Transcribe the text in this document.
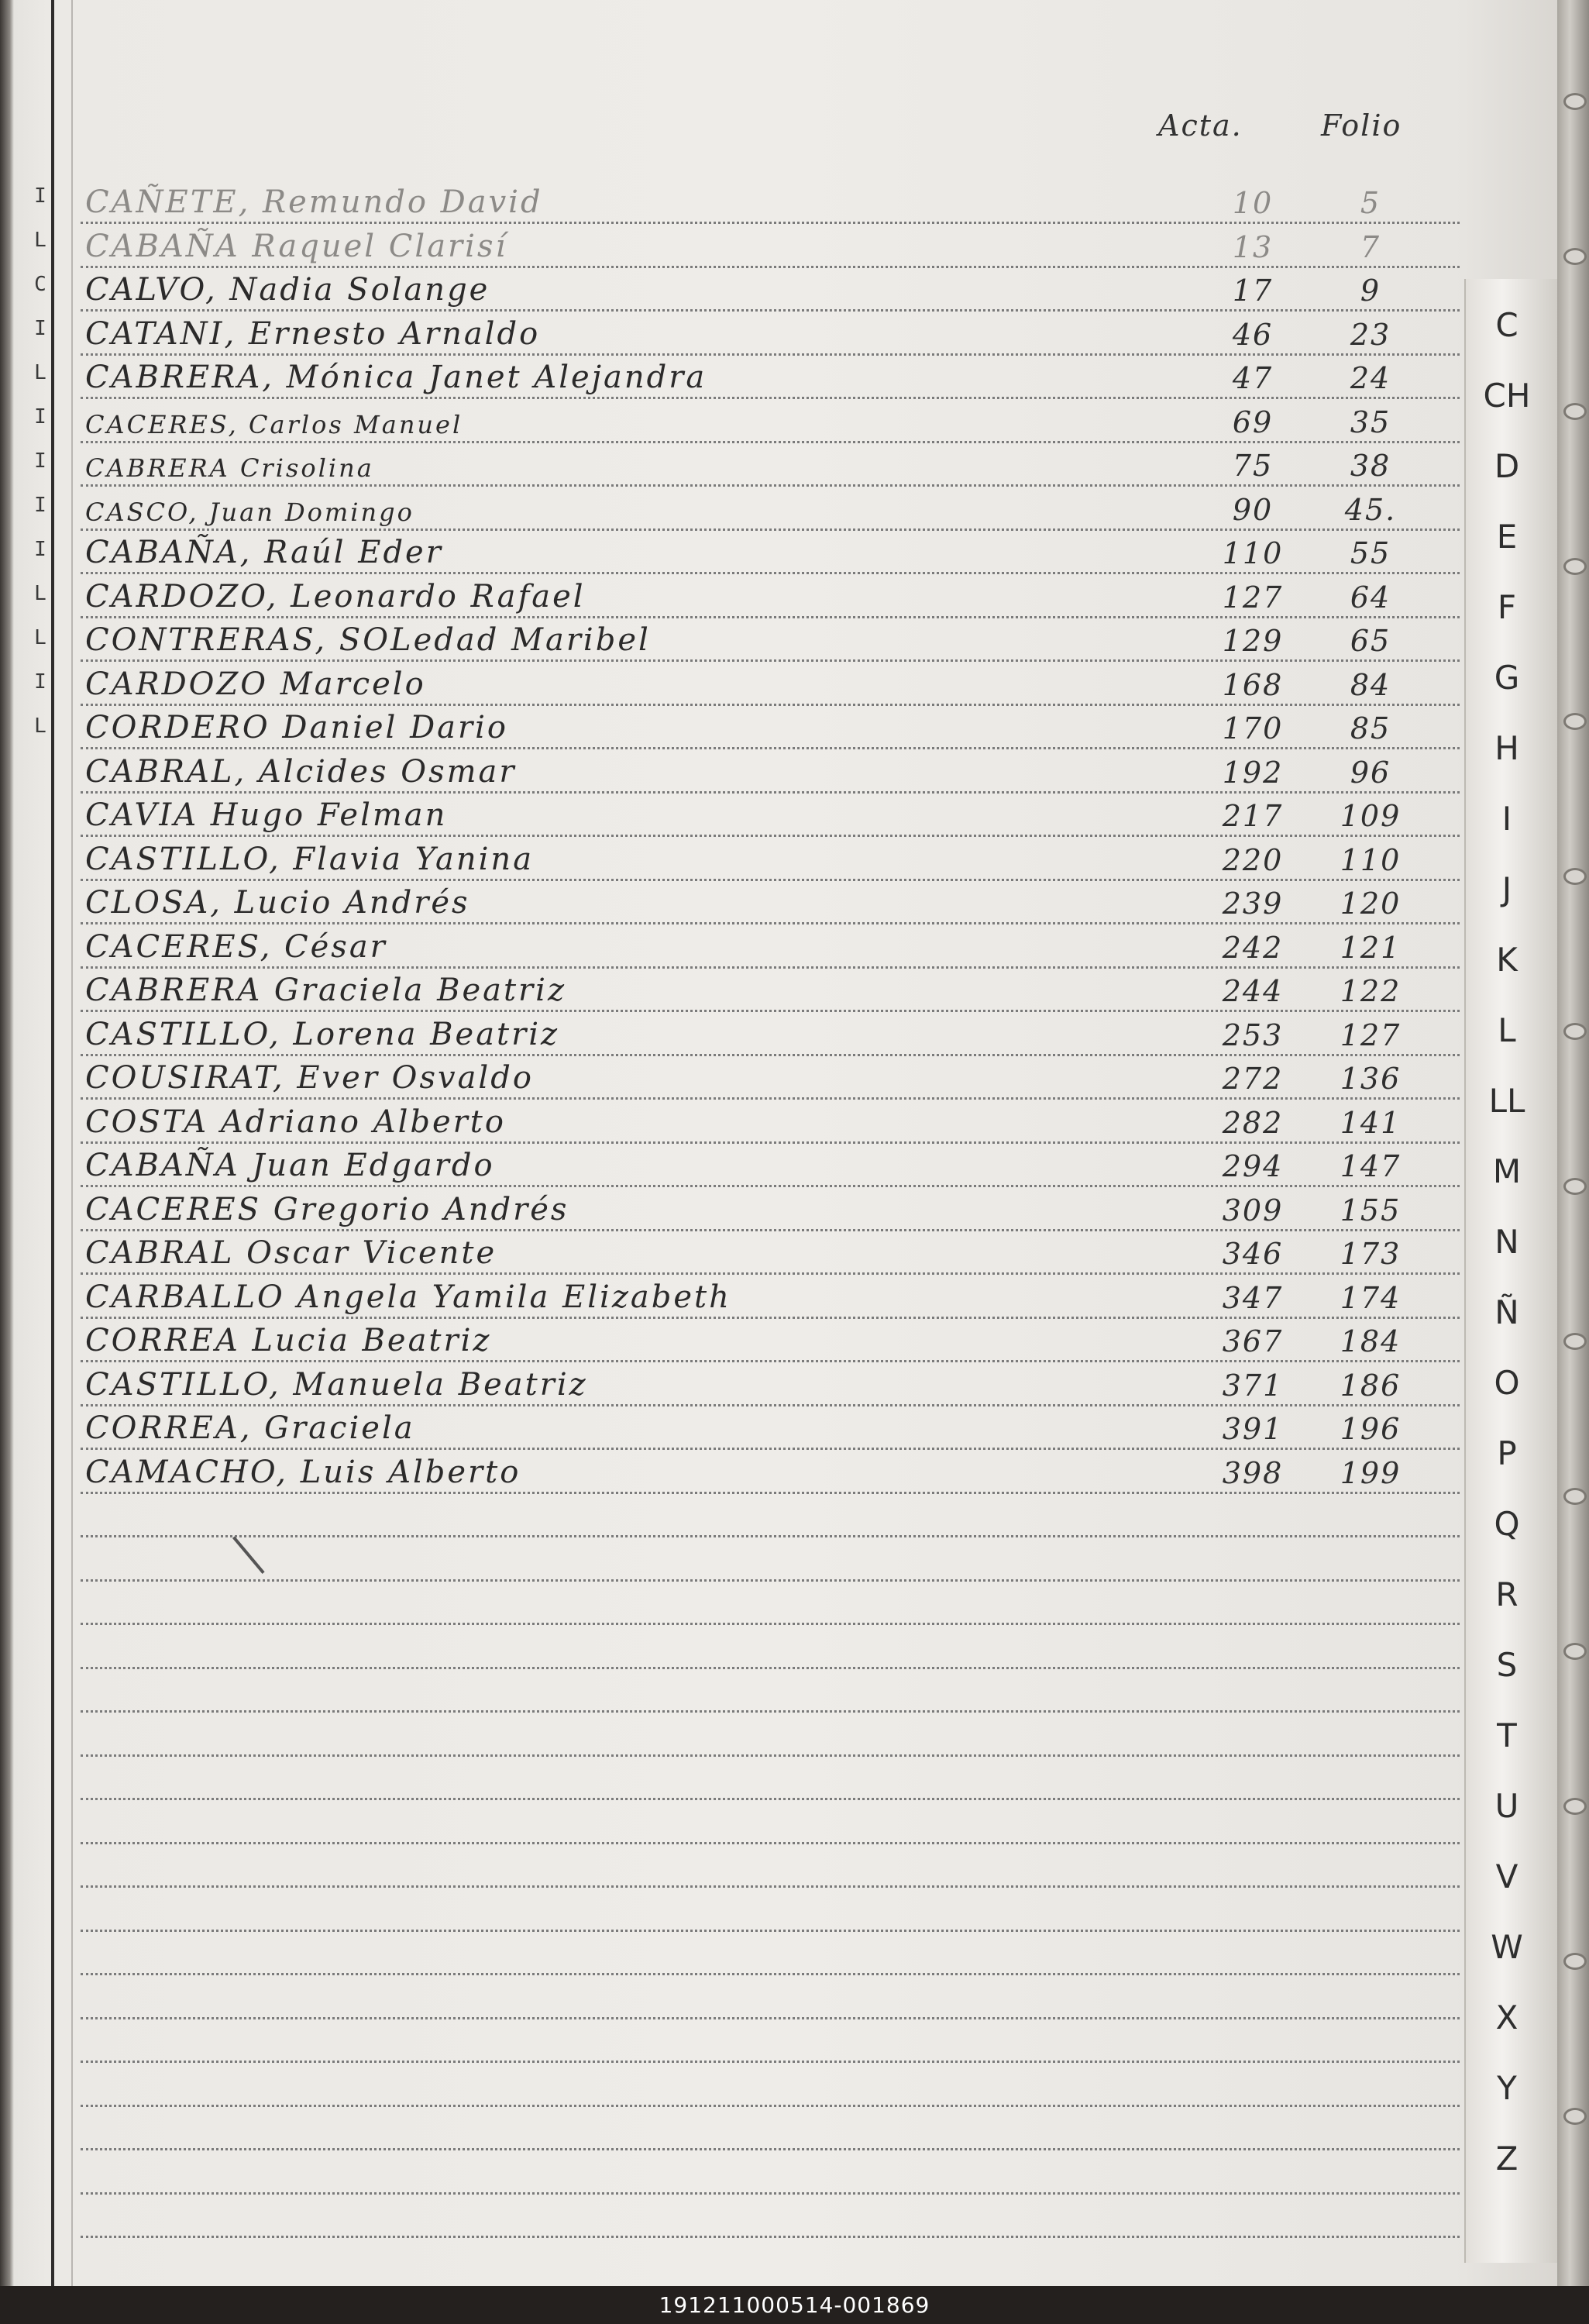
I
L
C
I
L
I
I
I
I
L
L
I
L
Acta.	Folio
CAÑETE, Remundo David	10	5
CABAÑA Raquel Clarisí	13	7
CALVO, Nadia Solange	17	9
CATANI, Ernesto Arnaldo	46	23
CABRERA, Mónica Janet Alejandra	47	24
CACERES, Carlos Manuel	69	35
CABRERA Crisolina	75	38
CASCO, Juan Domingo	90	45.
CABAÑA, Raúl Eder	110	55
CARDOZO, Leonardo Rafael	127	64
CONTRERAS, SOLedad Maribel	129	65
CARDOZO Marcelo	168	84
CORDERO Daniel Dario	170	85
CABRAL, Alcides Osmar	192	96
CAVIA Hugo Felman	217	109
CASTILLO, Flavia Yanina	220	110
CLOSA, Lucio Andrés	239	120
CACERES, César	242	121
CABRERA Graciela Beatriz	244	122
CASTILLO, Lorena Beatriz	253	127
COUSIRAT, Ever Osvaldo	272	136
COSTA Adriano Alberto	282	141
CABAÑA Juan Edgardo	294	147
CACERES Gregorio Andrés	309	155
CABRAL Oscar Vicente	346	173
CARBALLO Angela Yamila Elizabeth	347	174
CORREA Lucia Beatriz	367	184
CASTILLO, Manuela Beatriz	371	186
CORREA, Graciela	391	196
CAMACHO, Luis Alberto	398	199
C
CH
D
E
F
G
H
I
J
K
L
LL
M
N
Ñ
O
P
Q
R
S
T
U
V
W
X
Y
Z
191211000514-001869
